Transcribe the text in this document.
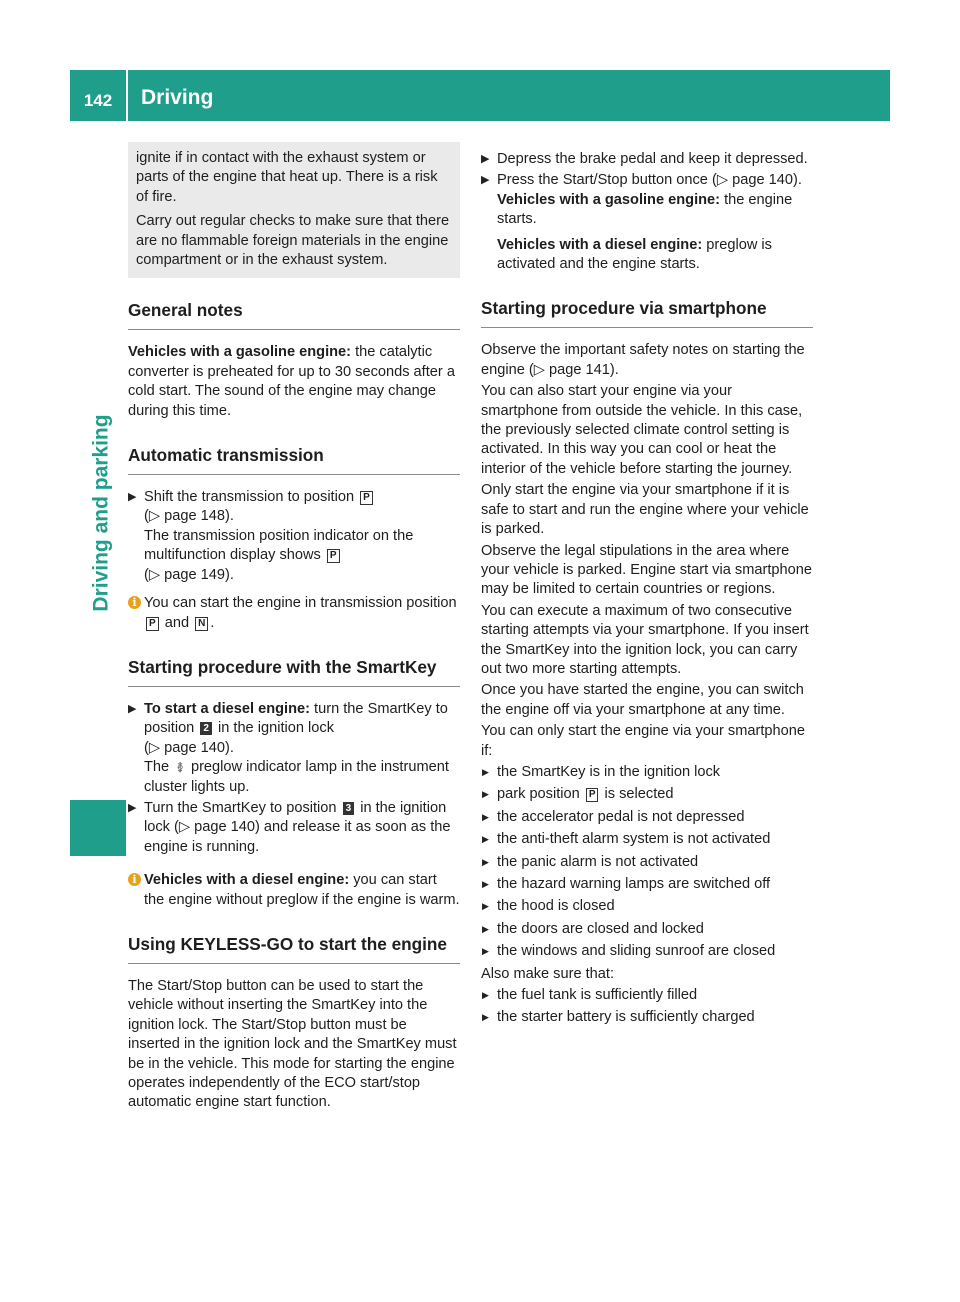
142	Driving
Driving and parking

ignite if in contact with the exhaust system or parts of the engine that heat up. There is a risk of fire.

Carry out regular checks to make sure that there are no flammable foreign materials in the engine compartment or in the exhaust system.

General notes

Vehicles with a gasoline engine: the catalytic converter is preheated for up to 30 seconds after a cold start. The sound of the engine may change during this time.

Automatic transmission
▶ Shift the transmission to position P
(▷ page 148).
The transmission position indicator on the multifunction display shows P
(▷ page 149).
i You can start the engine in transmission position P and N .
Starting procedure with the SmartKey
▶ To start a diesel engine: turn the SmartKey to position 2 in the ignition lock
(▷ page 140).
The ࿅ preglow indicator lamp in the instrument cluster lights up.
▶ Turn the SmartKey to position 3 in the ignition lock (▷ page 140) and release it as soon as the engine is running.
i Vehicles with a diesel engine: you can start the engine without preglow if the engine is warm.
Using KEYLESS-GO to start the engine

The Start/Stop button can be used to start the vehicle without inserting the SmartKey into the ignition lock. The Start/Stop button must be inserted in the ignition lock and the SmartKey must be in the vehicle. This mode for starting the engine operates independently of the ECO start/stop automatic engine start function.

▶ Depress the brake pedal and keep it depressed.
▶ Press the Start/Stop button once (▷ page 140).
Vehicles with a gasoline engine: the engine starts.
Vehicles with a diesel engine: preglow is activated and the engine starts.
Starting procedure via smartphone

Observe the important safety notes on starting the engine (▷ page 141).

You can also start your engine via your smartphone from outside the vehicle. In this case, the previously selected climate control setting is activated. In this way you can cool or heat the interior of the vehicle before starting the journey.

Only start the engine via your smartphone if it is safe to start and run the engine where your vehicle is parked.

Observe the legal stipulations in the area where your vehicle is parked. Engine start via smartphone may be limited to certain countries or regions.

You can execute a maximum of two consecutive starting attempts via your smartphone. If you insert the SmartKey into the ignition lock, you can carry out two more starting attempts.

Once you have started the engine, you can switch the engine off via your smartphone at any time.

You can only start the engine via your smartphone if:

▶ the SmartKey is in the ignition lock
▶ park position P is selected
▶ the accelerator pedal is not depressed
▶ the anti-theft alarm system is not activated
▶ the panic alarm is not activated
▶ the hazard warning lamps are switched off
▶ the hood is closed
▶ the doors are closed and locked
▶ the windows and sliding sunroof are closed

Also make sure that:

▶ the fuel tank is sufficiently filled
▶ the starter battery is sufficiently charged
